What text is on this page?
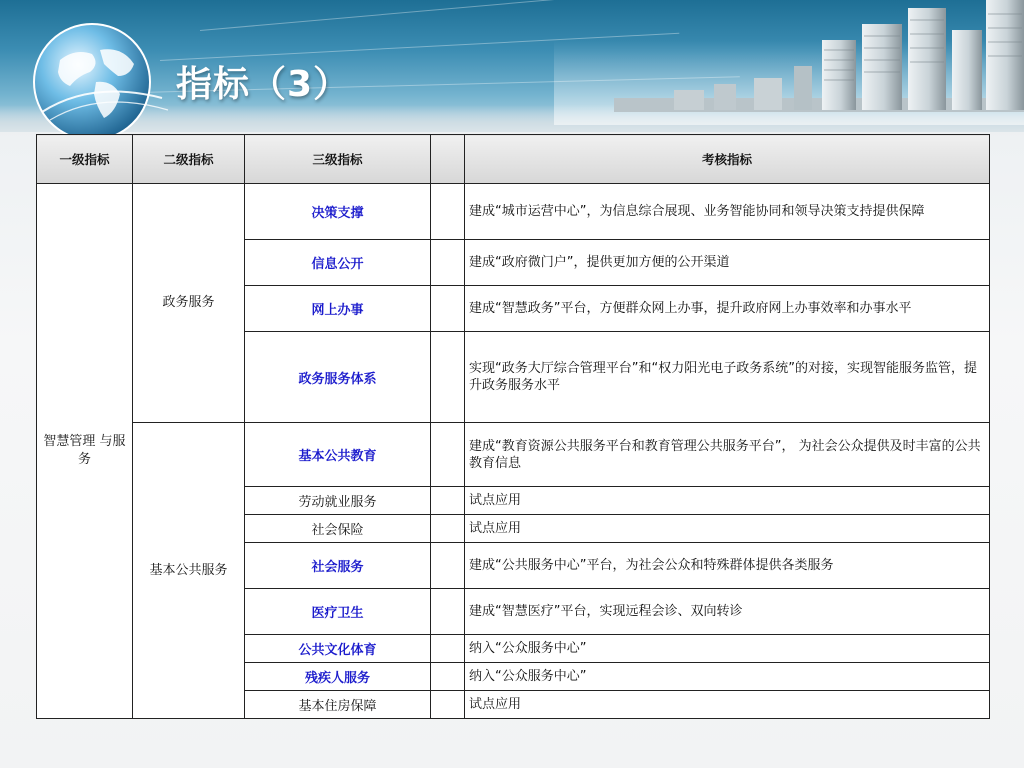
指标（3）
一级指标	二级指标	三级指标		考核指标
智慧管理 与服务	政务服务	决策支撑		建成“城市运营中心”，为信息综合展现、业务智能协同和领导决策支持提供保障
		信息公开		建成“政府微门户”，提供更加方便的公开渠道
		网上办事		建成“智慧政务”平台，方便群众网上办事，提升政府网上办事效率和办事水平
		政务服务体系		实现“政务大厅综合管理平台”和“权力阳光电子政务系统”的对接，实现智能服务监管，提升政务服务水平
	基本公共服务	基本公共教育		建成“教育资源公共服务平台和教育管理公共服务平台”， 为社会公众提供及时丰富的公共教育信息
		劳动就业服务		试点应用
		社会保险		试点应用
		社会服务		建成“公共服务中心”平台，为社会公众和特殊群体提供各类服务
		医疗卫生		建成“智慧医疗”平台，实现远程会诊、双向转诊
		公共文化体育		纳入“公众服务中心”
		残疾人服务		纳入“公众服务中心”
		基本住房保障		试点应用
